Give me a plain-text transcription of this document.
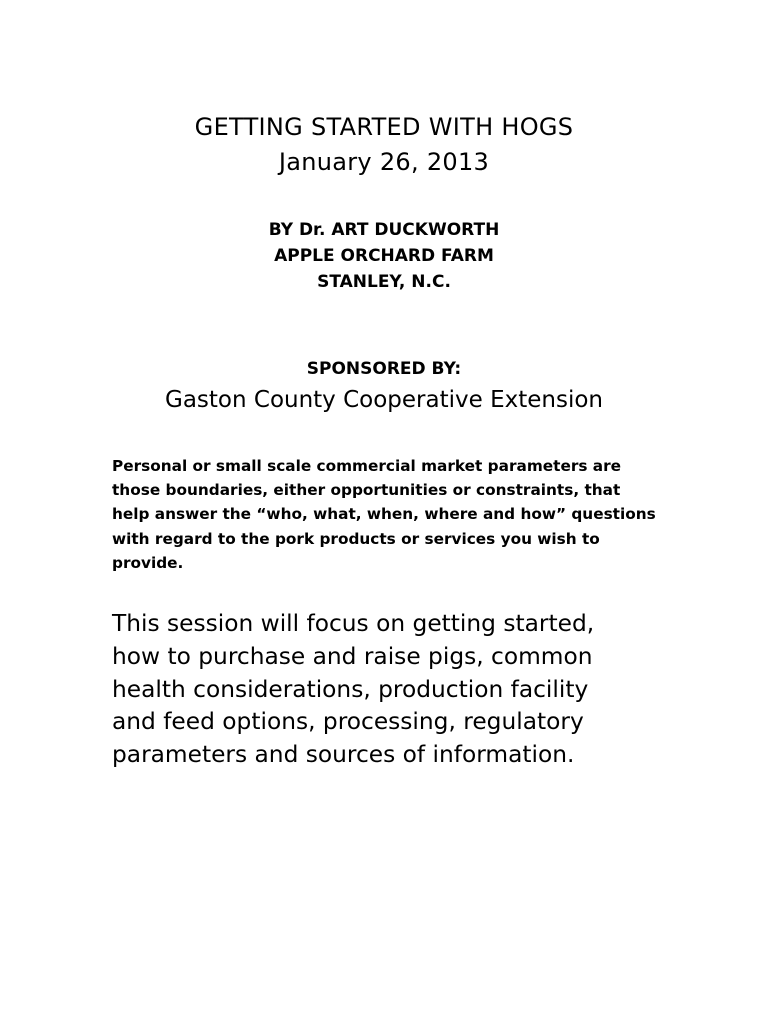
GETTING STARTED WITH HOGS
January 26, 2013
BY Dr. ART DUCKWORTH
APPLE ORCHARD FARM
STANLEY, N.C.
SPONSORED BY:
Gaston County Cooperative Extension
Personal or small scale commercial market parameters are
those boundaries, either opportunities or constraints, that
help answer the “who, what, when, where and how” questions
with regard to the pork products or services you wish to
provide.
This session will focus on getting started,
how to purchase and raise pigs, common
health considerations, production facility
and feed options, processing, regulatory
parameters and sources of information.
